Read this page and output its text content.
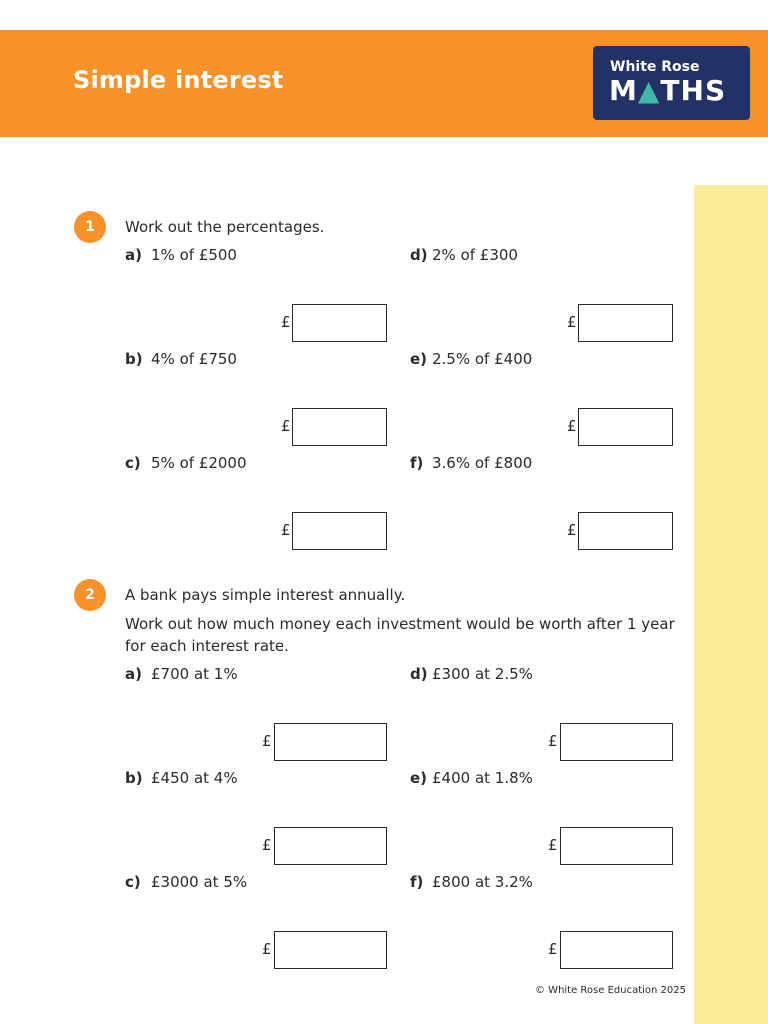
Simple interest	White Rose
M▲THS
1	Work out the percentages.
a) 1% of £500
b) 4% of £750
c) 5% of £2000
d) 2% of £300
e) 2.5% of £400
f) 3.6% of £800
£
£
£
£
£
£
2	A bank pays simple interest annually.
Work out how much money each investment would be worth after 1 year for each interest rate.
a) £700 at 1%
b) £450 at 4%
c) £3000 at 5%
d) £300 at 2.5%
e) £400 at 1.8%
f) £800 at 3.2%
£
£
£
£
£
£
© White Rose Education 2025
